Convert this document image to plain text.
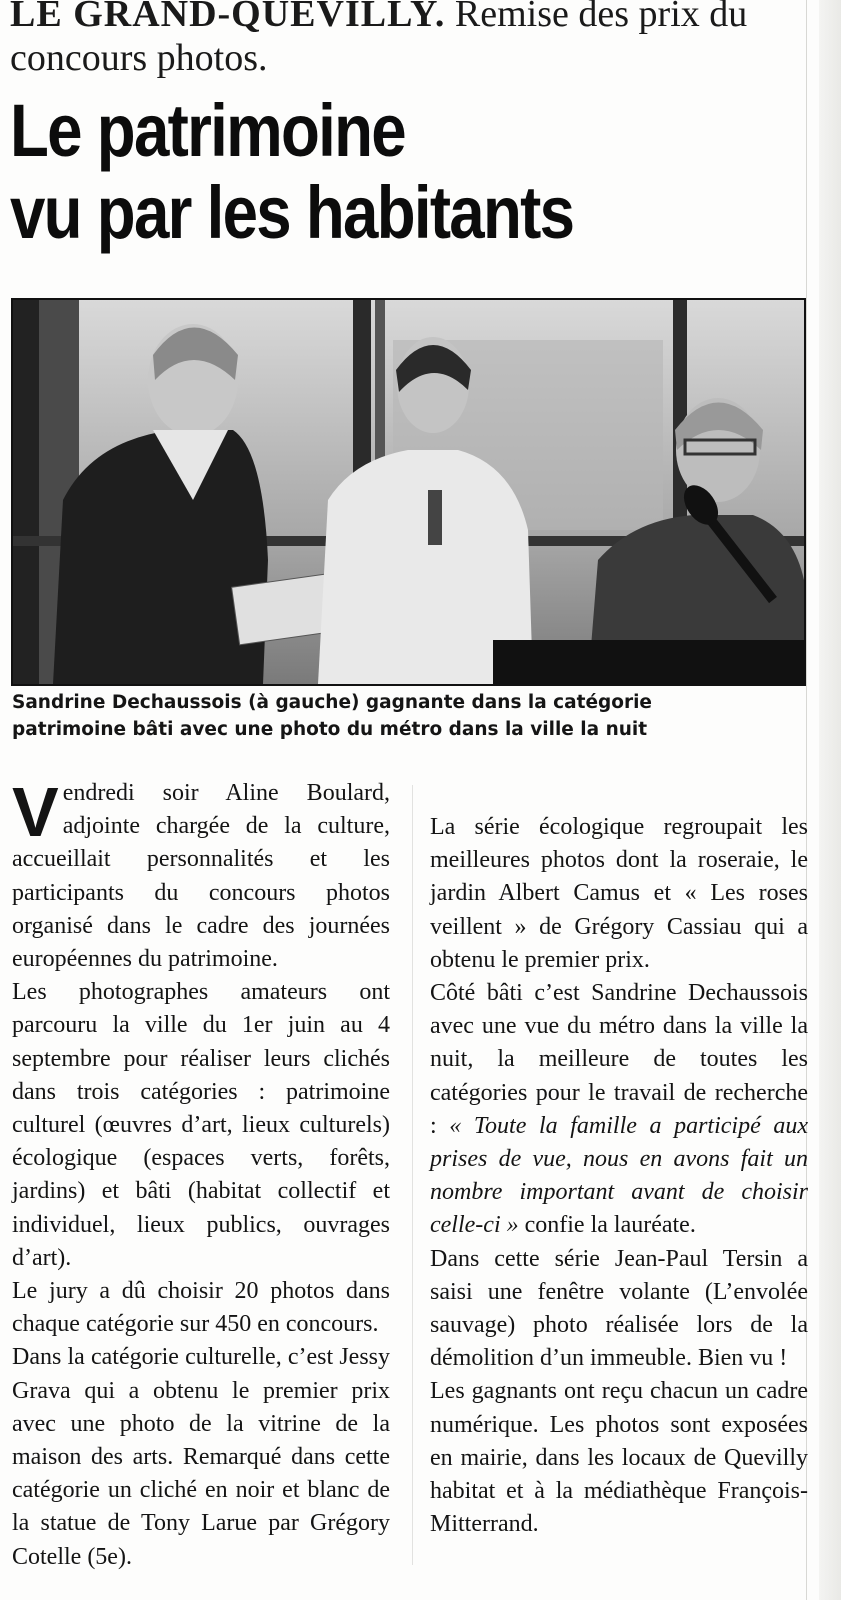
LE GRAND-QUEVILLY. Remise des prix du concours photos.
Le patrimoine
vu par les habitants
Sandrine Dechaussois (à gauche) gagnante dans la catégorie
patrimoine bâti avec une photo du métro dans la ville la nuit

Vendredi soir Aline Boulard, adjointe chargée de la culture, accueillait personnalités et les participants du concours photos organisé dans le cadre des journées européennes du patrimoine.

Les photographes amateurs ont parcouru la ville du 1er juin au 4 septembre pour réaliser leurs clichés dans trois catégories : patrimoine culturel (œuvres d’art, lieux culturels) écologique (espaces verts, forêts, jardins) et bâti (habitat collectif et individuel, lieux publics, ouvrages d’art).

Le jury a dû choisir 20 photos dans chaque catégorie sur 450 en concours.

Dans la catégorie culturelle, c’est Jessy Grava qui a obtenu le premier prix avec une photo de la vitrine de la maison des arts. Remarqué dans cette catégorie un cliché en noir et blanc de la statue de Tony Larue par Grégory Cotelle (5e).

La série écologique regroupait les meilleures photos dont la roseraie, le jardin Albert Camus et « Les roses veillent » de Grégory Cassiau qui a obtenu le premier prix.

Côté bâti c’est Sandrine Dechaussois avec une vue du métro dans la ville la nuit, la meilleure de toutes les catégories pour le travail de recherche : « Toute la famille a participé aux prises de vue, nous en avons fait un nombre important avant de choisir celle-ci » confie la lauréate.

Dans cette série Jean-Paul Tersin a saisi une fenêtre volante (L’envolée sauvage) photo réalisée lors de la démolition d’un immeuble. Bien vu !

Les gagnants ont reçu chacun un cadre numérique. Les photos sont exposées en mairie, dans les locaux de Quevilly habitat et à la médiathèque François-Mitterrand.
